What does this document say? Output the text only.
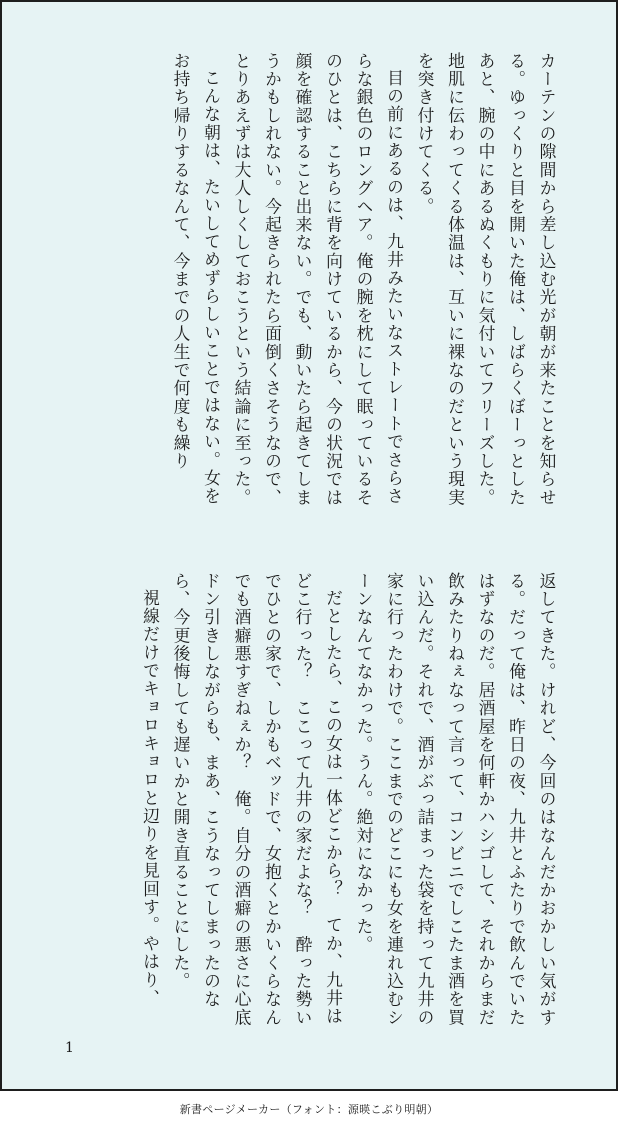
カーテンの隙間から差し込む光が朝が来たことを知らせる。ゆっくりと目を開いた俺は、しばらくぼーっとしたあと、腕の中にあるぬくもりに気付いてフリーズした。地肌に伝わってくる体温は、互いに裸なのだという現実を突き付けてくる。

目の前にあるのは、九井みたいなストレートでさらさらな銀色のロングヘア。俺の腕を枕にして眠っているそのひとは、こちらに背を向けているから、今の状況では顔を確認すること出来ない。でも、動いたら起きてしまうかもしれない。今起きられたら面倒くさそうなので、とりあえずは大人しくしておこうという結論に至った。

こんな朝は、たいしてめずらしいことではない。女をお持ち帰りするなんて、今までの人生で何度も繰り

返してきた。けれど、今回のはなんだかおかしい気がする。だって俺は、昨日の夜、九井とふたりで飲んでいたはずなのだ。居酒屋を何軒かハシゴして、それからまだ飲みたりねぇなって言って、コンビニでしこたま酒を買い込んだ。それで、酒がぶっ詰まった袋を持って九井の家に行ったわけで。ここまでのどこにも女を連れ込むシーンなんてなかった。うん。絶対になかった。

だとしたら、この女は一体どこから？　てか、九井はどこ行った？　ここって九井の家だよな？　酔った勢いでひとの家で、しかもベッドで、女抱くとかいくらなんでも酒癖悪すぎねぇか？　俺。自分の酒癖の悪さに心底ドン引きしながらも、まあ、こうなってしまったのなら、今更後悔しても遅いかと開き直ることにした。

視線だけでキョロキョロと辺りを見回す。やはり、

1
新書ページメーカー（フォント：源暎こぶり明朝）
